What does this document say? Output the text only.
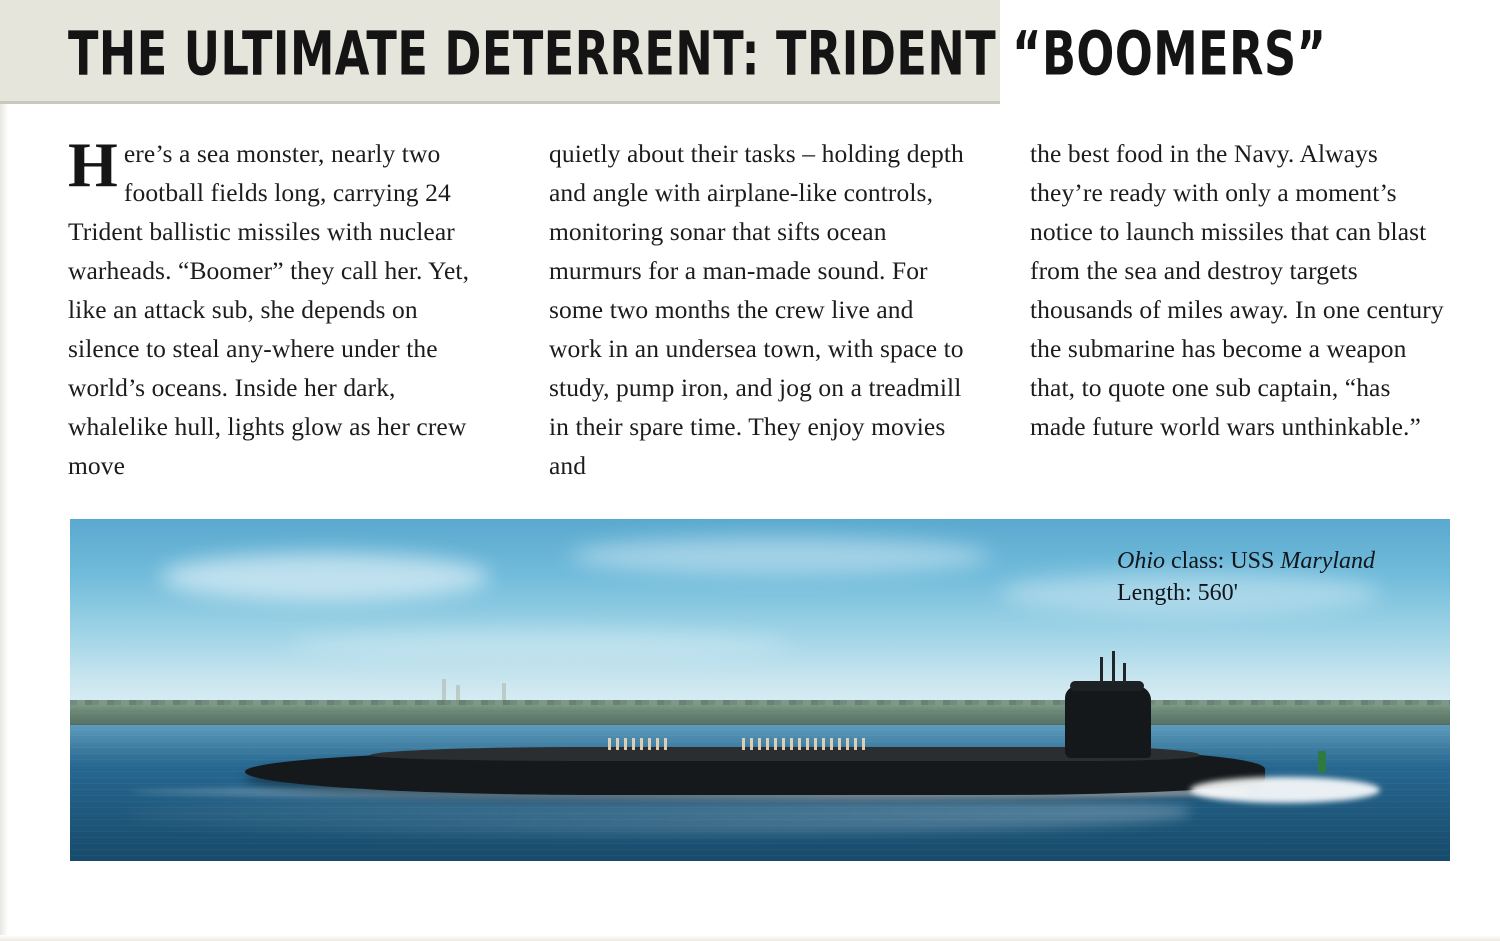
THE ULTIMATE DETERRENT: TRIDENT “BOOMERS”

Here’s a sea monster, nearly two football fields long, carrying 24 Trident ballistic missiles with nuclear warheads. “Boomer” they call her. Yet, like an attack sub, she depends on silence to steal any-where under the world’s oceans. Inside her dark, whalelike hull, lights glow as her crew move

quietly about their tasks – holding depth and angle with airplane-like controls, monitoring sonar that sifts ocean murmurs for a man-made sound. For some two months the crew live and work in an undersea town, with space to study, pump iron, and jog on a treadmill in their spare time. They enjoy movies and

the best food in the Navy. Always they’re ready with only a moment’s notice to launch missiles that can blast from the sea and destroy targets thousands of miles away. In one century the submarine has become a weapon that, to quote one sub captain, “has made future world wars unthinkable.”

Ohio class: USS Maryland
Length: 560'
